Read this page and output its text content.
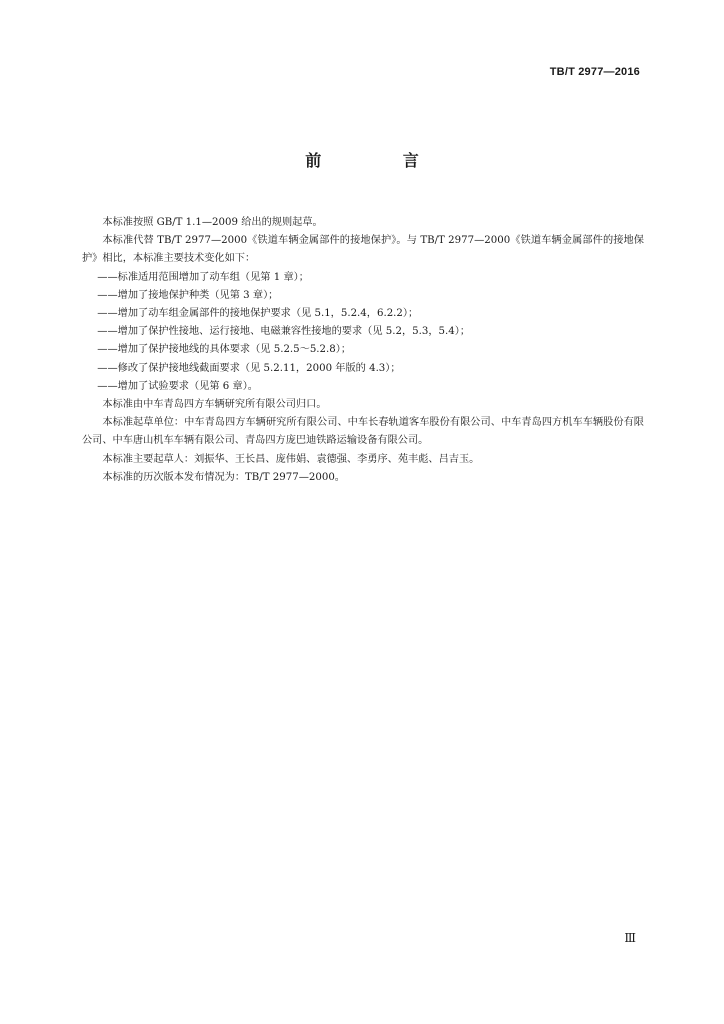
TB/T 2977—2016
前 言

本标准按照 GB/T 1.1—2009 给出的规则起草。

本标准代替 TB/T 2977—2000《铁道车辆金属部件的接地保护》。与 TB/T 2977—2000《铁道车辆金属部件的接地保护》相比，本标准主要技术变化如下：

——标准适用范围增加了动车组（见第 1 章）；

——增加了接地保护种类（见第 3 章）；

——增加了动车组金属部件的接地保护要求（见 5.1，5.2.4，6.2.2）；

——增加了保护性接地、运行接地、电磁兼容性接地的要求（见 5.2，5.3，5.4）；

——增加了保护接地线的具体要求（见 5.2.5～5.2.8）；

——修改了保护接地线截面要求（见 5.2.11，2000 年版的 4.3）；

——增加了试验要求（见第 6 章）。

本标准由中车青岛四方车辆研究所有限公司归口。

本标准起草单位：中车青岛四方车辆研究所有限公司、中车长春轨道客车股份有限公司、中车青岛四方机车车辆股份有限公司、中车唐山机车车辆有限公司、青岛四方庞巴迪铁路运输设备有限公司。

本标准主要起草人：刘振华、王长昌、庞伟娟、袁德强、李勇序、苑丰彪、吕吉玉。

本标准的历次版本发布情况为：TB/T 2977—2000。

Ⅲ
